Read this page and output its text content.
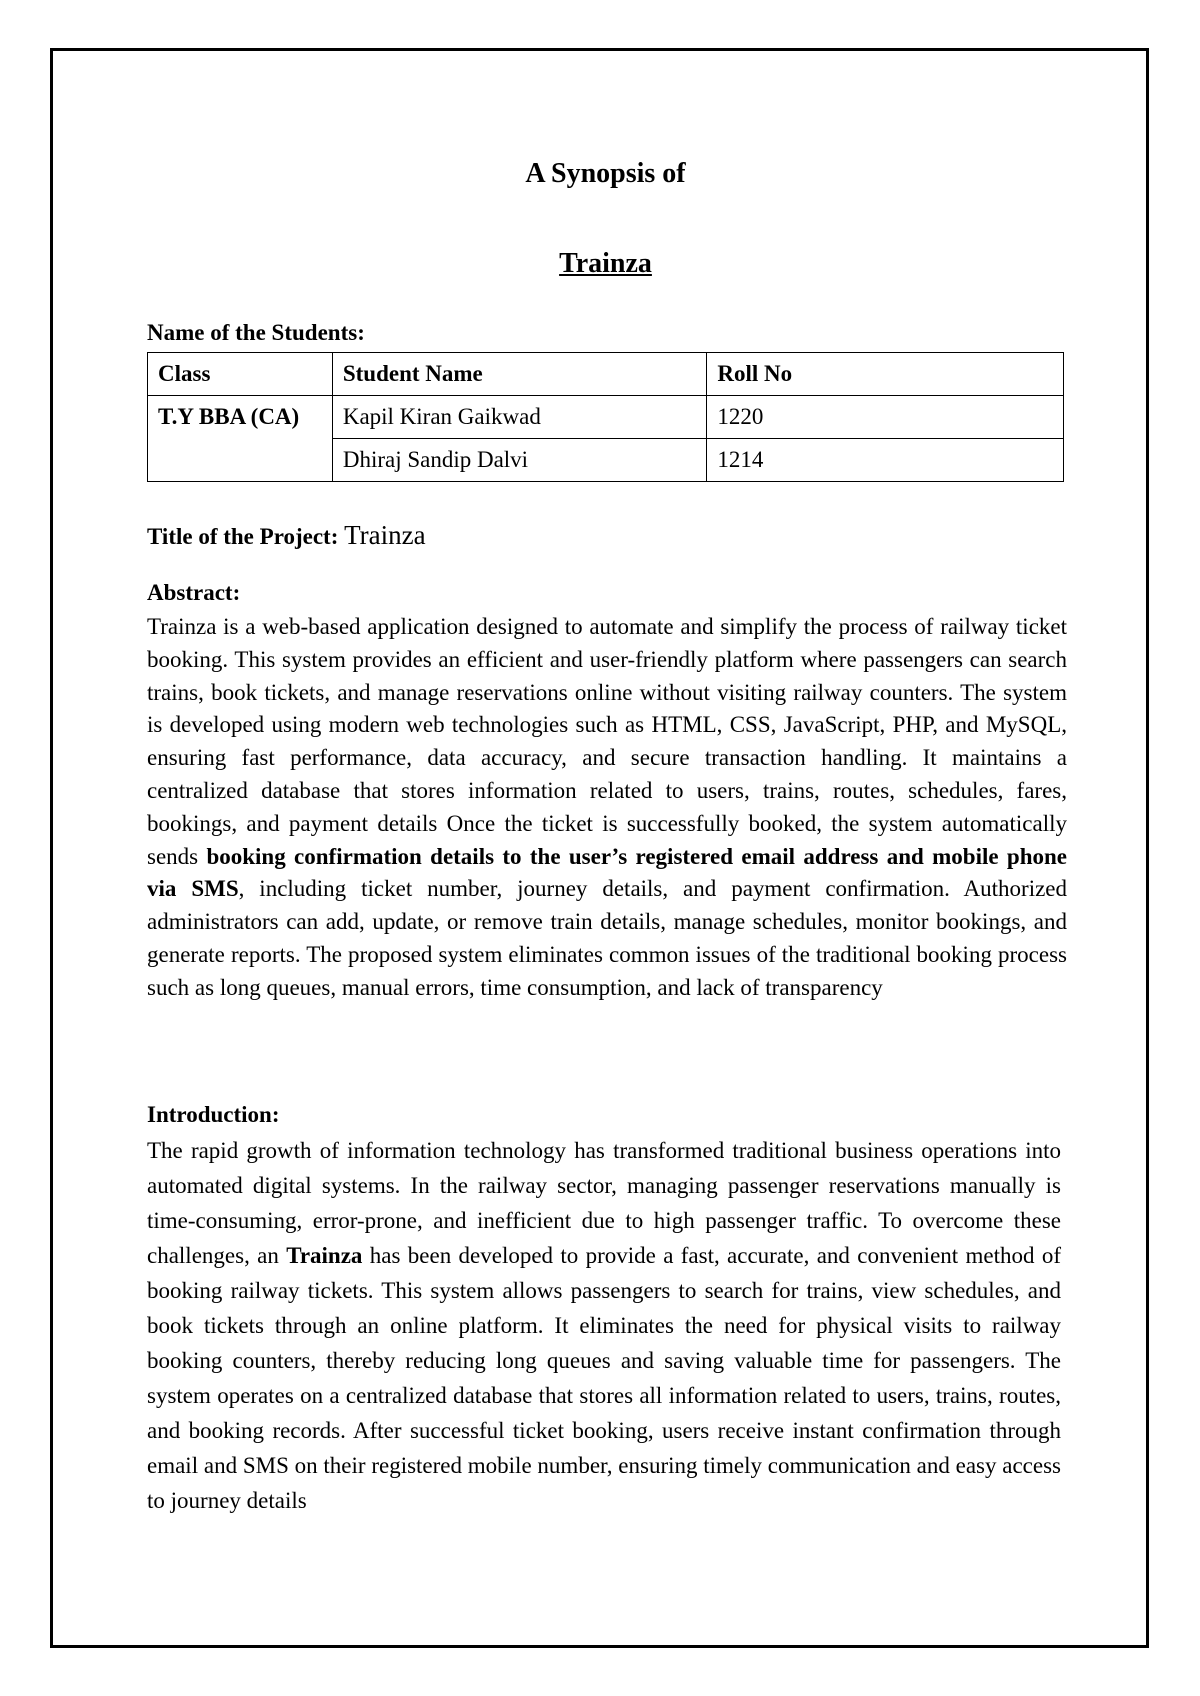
A Synopsis of
Trainza

Name of the Students:

Class	Student Name	Roll No
T.Y BBA (CA)	Kapil Kiran Gaikwad	1220
	Dhiraj Sandip Dalvi	1214

Title of the Project: Trainza

Abstract:

Trainza is a web-based application designed to automate and simplify the process of railway ticket booking. This system provides an efficient and user-friendly platform where passengers can search trains, book tickets, and manage reservations online without visiting railway counters. The system is developed using modern web technologies such as HTML, CSS, JavaScript, PHP, and MySQL, ensuring fast performance, data accuracy, and secure transaction handling. It maintains a centralized database that stores information related to users, trains, routes, schedules, fares, bookings, and payment details Once the ticket is successfully booked, the system automatically sends booking confirmation details to the user’s registered email address and mobile phone via SMS, including ticket number, journey details, and payment confirmation. Authorized administrators can add, update, or remove train details, manage schedules, monitor bookings, and generate reports. The proposed system eliminates common issues of the traditional booking process such as long queues, manual errors, time consumption, and lack of transparency

Introduction:

The rapid growth of information technology has transformed traditional business operations into automated digital systems. In the railway sector, managing passenger reservations manually is time-consuming, error-prone, and inefficient due to high passenger traffic. To overcome these challenges, an Trainza has been developed to provide a fast, accurate, and convenient method of booking railway tickets. This system allows passengers to search for trains, view schedules, and book tickets through an online platform. It eliminates the need for physical visits to railway booking counters, thereby reducing long queues and saving valuable time for passengers. The system operates on a centralized database that stores all information related to users, trains, routes, and booking records. After successful ticket booking, users receive instant confirmation through email and SMS on their registered mobile number, ensuring timely communication and easy access to journey details
